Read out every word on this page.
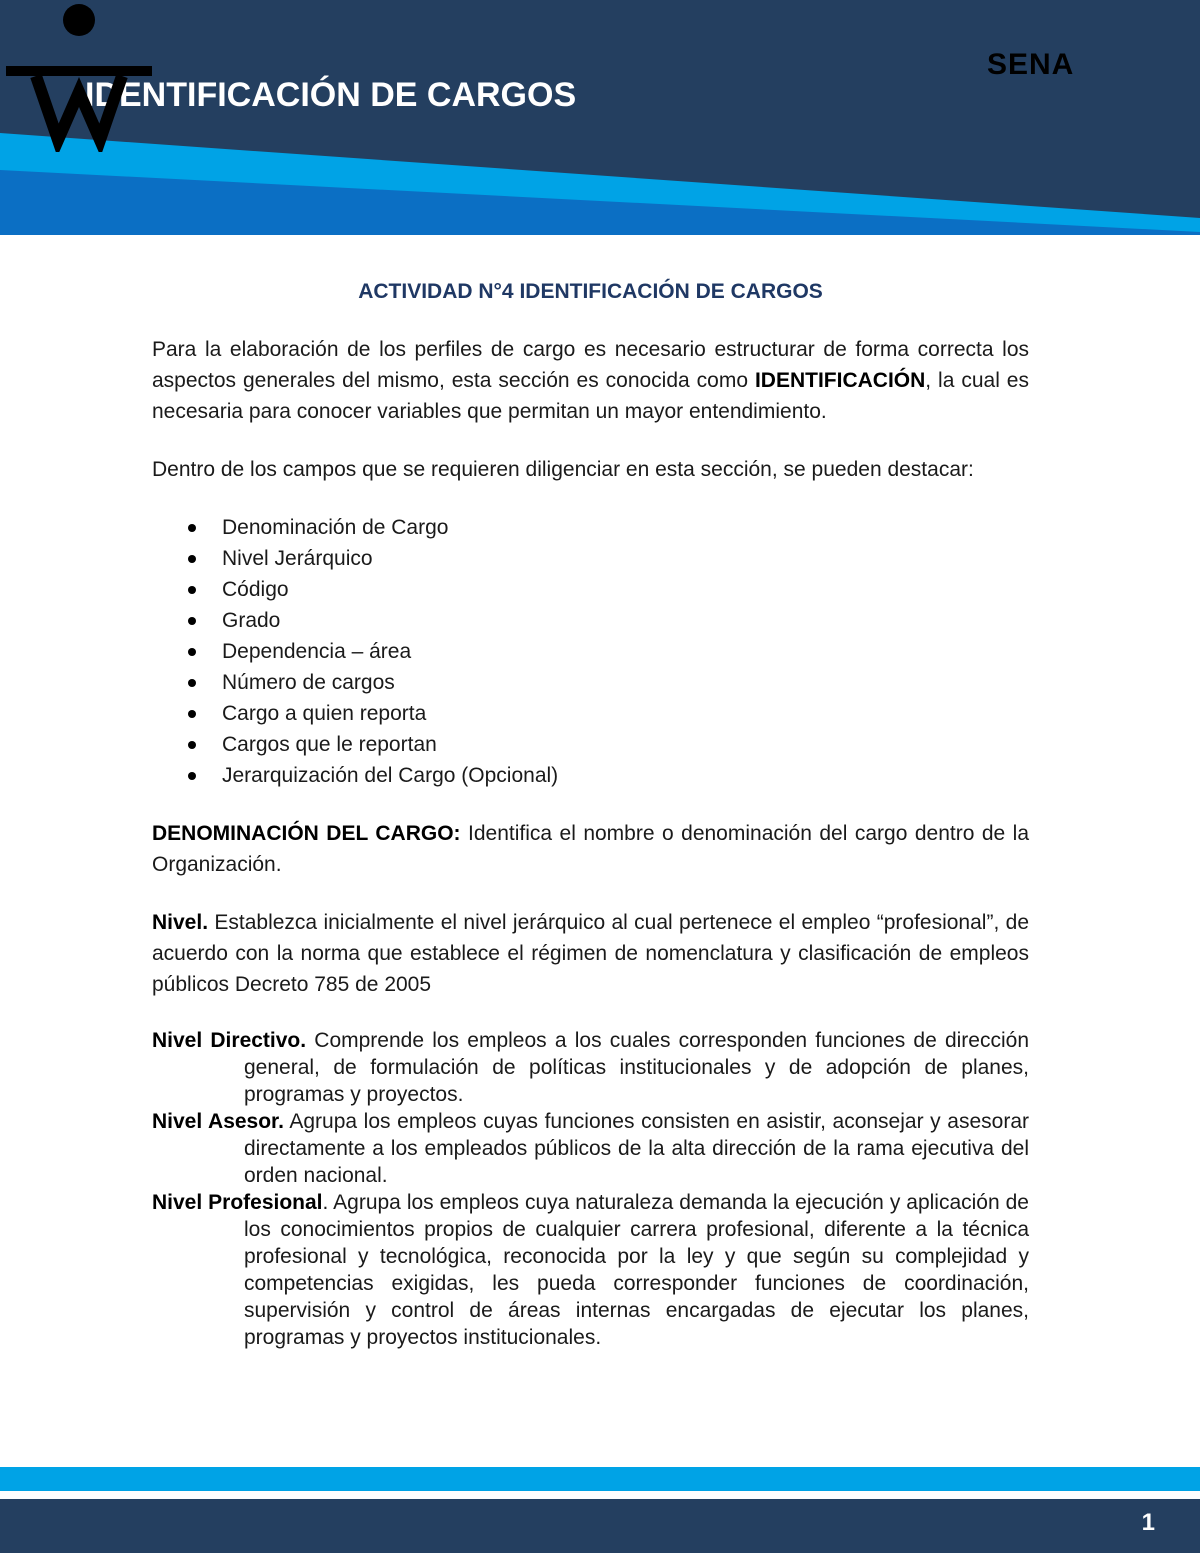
IDENTIFICACIÓN DE CARGOS
SENA
ACTIVIDAD N°4 IDENTIFICACIÓN DE CARGOS

Para la elaboración de los perfiles de cargo es necesario estructurar de forma correcta los aspectos generales del mismo, esta sección es conocida como IDENTIFICACIÓN, la cual es necesaria para conocer variables que permitan un mayor entendimiento.

Dentro de los campos que se requieren diligenciar en esta sección, se pueden destacar:

Denominación de Cargo
Nivel Jerárquico
Código
Grado
Dependencia – área
Número de cargos
Cargo a quien reporta
Cargos que le reportan
Jerarquización del Cargo (Opcional)

DENOMINACIÓN DEL CARGO: Identifica el nombre o denominación del cargo dentro de la Organización.

Nivel. Establezca inicialmente el nivel jerárquico al cual pertenece el empleo “profesional”, de acuerdo con la norma que establece el régimen de nomenclatura y clasificación de empleos públicos Decreto 785 de 2005

Nivel Directivo. Comprende los empleos a los cuales corresponden funciones de dirección general, de formulación de políticas institucionales y de adopción de planes, programas y proyectos.
Nivel Asesor. Agrupa los empleos cuyas funciones consisten en asistir, aconsejar y asesorar directamente a los empleados públicos de la alta dirección de la rama ejecutiva del orden nacional.
Nivel Profesional. Agrupa los empleos cuya naturaleza demanda la ejecución y aplicación de los conocimientos propios de cualquier carrera profesional, diferente a la técnica profesional y tecnológica, reconocida por la ley y que según su complejidad y competencias exigidas, les pueda corresponder funciones de coordinación, supervisión y control de áreas internas encargadas de ejecutar los planes, programas y proyectos institucionales.
1
